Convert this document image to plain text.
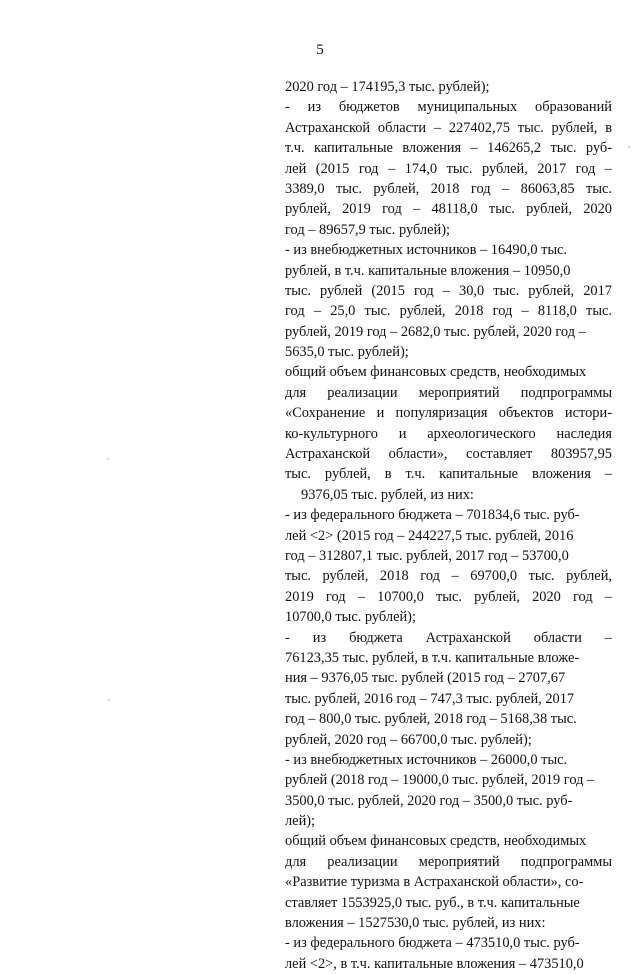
5
2020 год – 174195,3 тыс. рублей);
- из бюджетов муниципальных образований
Астраханской области – 227402,75 тыс. рублей, в
т.ч. капитальные вложения – 146265,2 тыс. руб-
лей (2015 год – 174,0 тыс. рублей, 2017 год –
3389,0 тыс. рублей, 2018 год – 86063,85 тыс.
рублей, 2019 год – 48118,0 тыс. рублей, 2020
год – 89657,9 тыс. рублей);
- из внебюджетных источников – 16490,0 тыс.
рублей, в т.ч. капитальные вложения – 10950,0
тыс. рублей (2015 год – 30,0 тыс. рублей, 2017
год – 25,0 тыс. рублей, 2018 год – 8118,0 тыс.
рублей, 2019 год – 2682,0 тыс. рублей, 2020 год –
5635,0 тыс. рублей);
общий объем финансовых средств, необходимых
для реализации мероприятий подпрограммы
«Сохранение и популяризация объектов истори-
ко-культурного и археологического наследия
Астраханской области», составляет 803957,95
тыс. рублей, в т.ч. капитальные вложения –
9376,05 тыс. рублей, из них:
- из федерального бюджета – 701834,6 тыс. руб-
лей <2> (2015 год – 244227,5 тыс. рублей, 2016
год – 312807,1 тыс. рублей, 2017 год – 53700,0
тыс. рублей, 2018 год – 69700,0 тыс. рублей,
2019 год – 10700,0 тыс. рублей, 2020 год –
10700,0 тыс. рублей);
- из бюджета Астраханской области –
76123,35 тыс. рублей, в т.ч. капитальные вложе-
ния – 9376,05 тыс. рублей (2015 год – 2707,67
тыс. рублей, 2016 год – 747,3 тыс. рублей, 2017
год – 800,0 тыс. рублей, 2018 год – 5168,38 тыс.
рублей, 2020 год – 66700,0 тыс. рублей);
- из внебюджетных источников – 26000,0 тыс.
рублей (2018 год – 19000,0 тыс. рублей, 2019 год –
3500,0 тыс. рублей, 2020 год – 3500,0 тыс. руб-
лей);
общий объем финансовых средств, необходимых
для реализации мероприятий подпрограммы
«Развитие туризма в Астраханской области», со-
ставляет 1553925,0 тыс. руб., в т.ч. капитальные
вложения – 1527530,0 тыс. рублей, из них:
- из федерального бюджета – 473510,0 тыс. руб-
лей <2>, в т.ч. капитальные вложения – 473510,0
